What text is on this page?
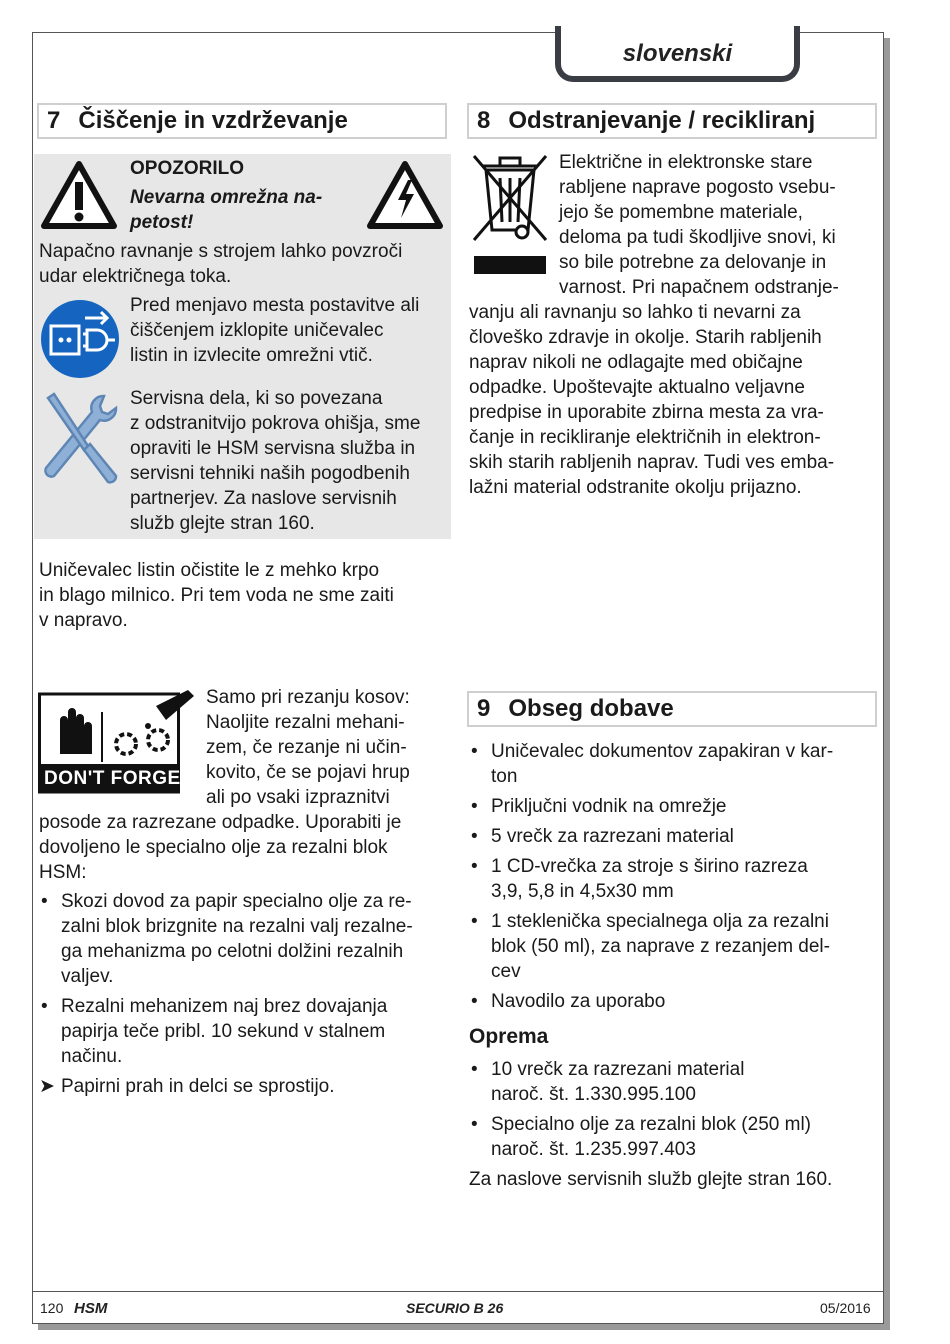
slovenski
7 Čiščenje in vzdrževanje
OPOZORILO
Nevarna omrežna na-
petost!
Napačno ravnanje s strojem lahko povzroči
udar električnega toka.
Pred menjavo mesta postavitve ali
čiščenjem izklopite uničevalec
listin in izvlecite omrežni vtič.
Servisna dela, ki so povezana
z odstranitvijo pokrova ohišja, sme
opraviti le HSM servisna služba in
servisni tehniki naših pogodbenih
partnerjev. Za naslove servisnih
služb glejte stran 160.
Uničevalec listin očistite le z mehko krpo
in blago milnico. Pri tem voda ne sme zaiti
v napravo.
DON'T FORGET
Samo pri rezanju kosov:
Naoljite rezalni mehani-
zem, če rezanje ni učin-
kovito, če se pojavi hrup
ali po vsaki izpraznitvi
posode za razrezane odpadke. Uporabiti je
dovoljeno le specialno olje za rezalni blok
HSM:
• Skozi dovod za papir specialno olje za re-
zalni blok brizgnite na rezalni valj rezalne-
ga mehanizma po celotni dolžini rezalnih
valjev.
• Rezalni mehanizem naj brez dovajanja
papirja teče pribl. 10 sekund v stalnem
načinu.
➤ Papirni prah in delci se sprostijo.
8 Odstranjevanje / recikliranj
Električne in elektronske stare
rabljene naprave pogosto vsebu-
jejo še pomembne materiale,
deloma pa tudi škodljive snovi, ki
so bile potrebne za delovanje in
varnost. Pri napačnem odstranje-
vanju ali ravnanju so lahko ti nevarni za
človeško zdravje in okolje. Starih rabljenih
naprav nikoli ne odlagajte med običajne
odpadke. Upoštevajte aktualno veljavne
predpise in uporabite zbirna mesta za vra-
čanje in recikliranje električnih in elektron-
skih starih rabljenih naprav. Tudi ves emba-
lažni material odstranite okolju prijazno.
9 Obseg dobave
• Uničevalec dokumentov zapakiran v kar-
ton
• Priključni vodnik na omrežje
• 5 vrečk za razrezani material
• 1 CD-vrečka za stroje s širino razreza
3,9, 5,8 in 4,5x30 mm
• 1 stekleničkа specialnega olja za rezalni
blok (50 ml), za naprave z rezanjem del-
cev
• Navodilo za uporabo
Oprema
• 10 vrečk za razrezani material
naroč. št. 1.330.995.100
• Specialno olje za rezalni blok (250 ml)
naroč. št. 1.235.997.403
Za naslove servisnih služb glejte stran 160.
120 HSM	SECURIO B 26	05/2016
